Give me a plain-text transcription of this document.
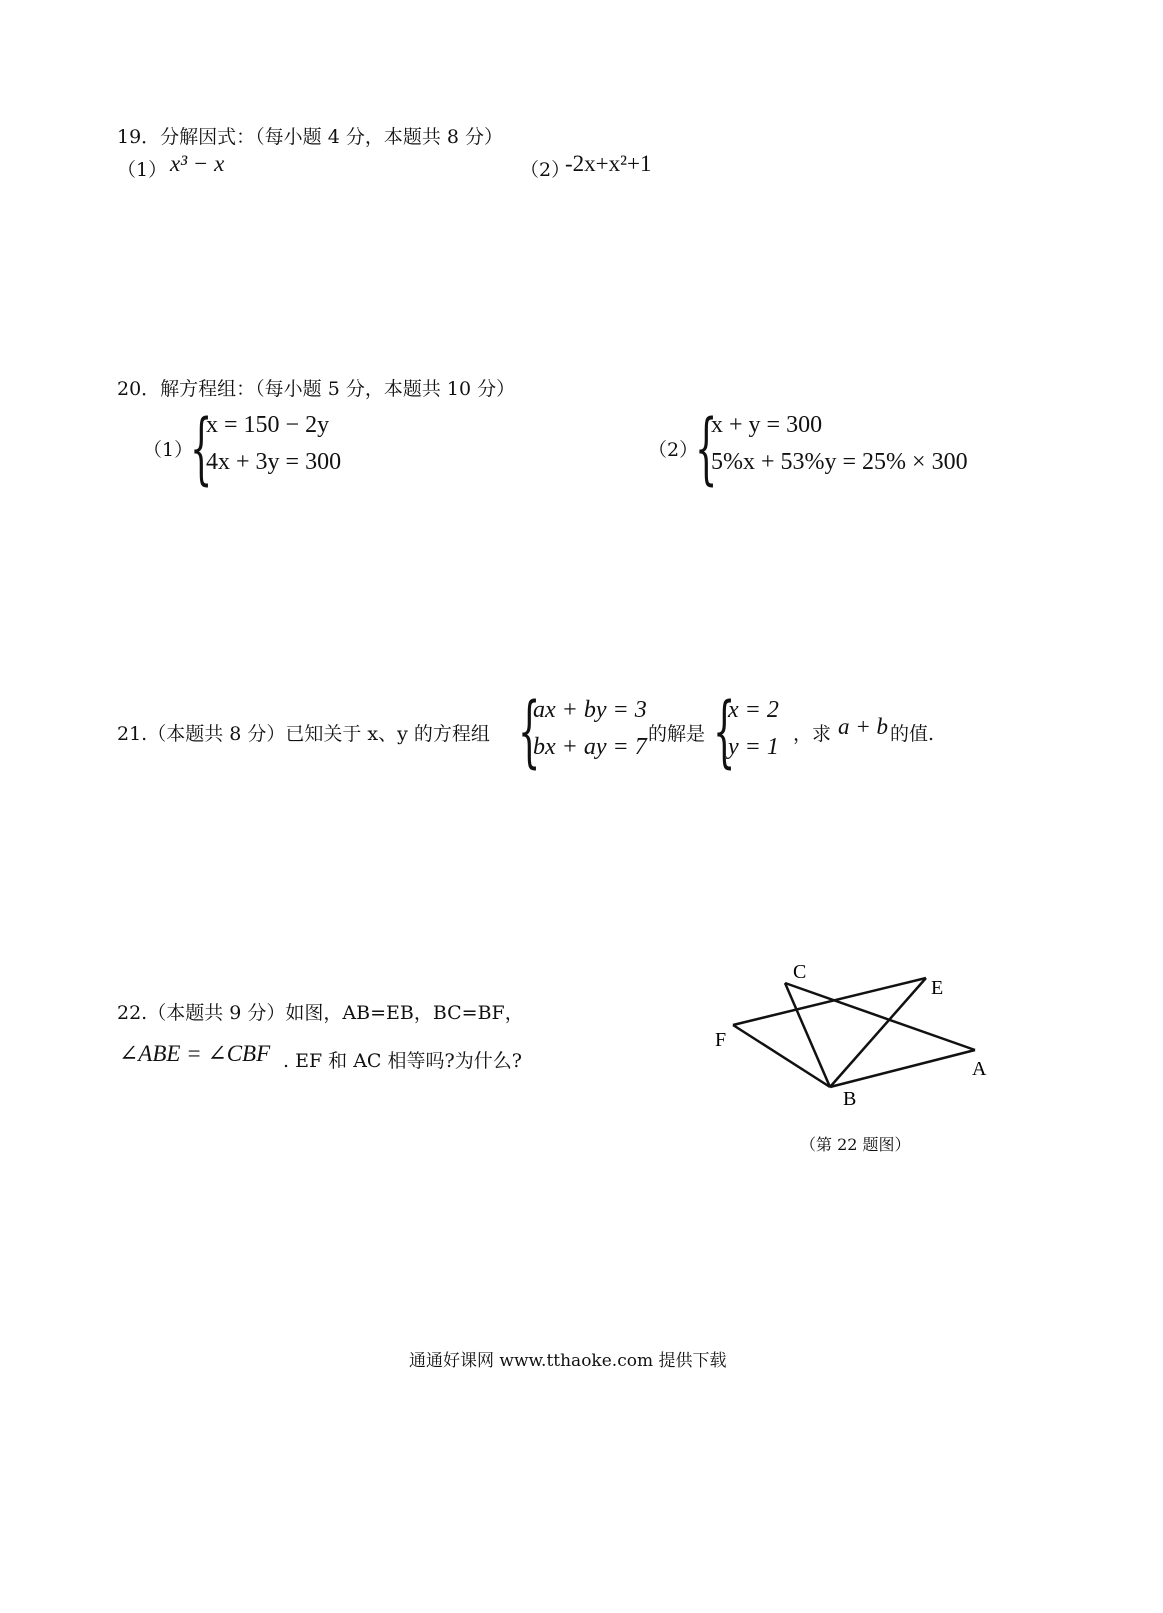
19．分解因式：（每小题 4 分，本题共 8 分）
（1） x³ − x	（2）
-2x+x²+1
20．解方程组：（每小题 5 分，本题共 10 分）
（1）
{
x = 150 − 2y
4x + 3y = 300	（2）
{
x + y = 300
5%x + 53%y = 25% × 300
21.（本题共 8 分）已知关于 x、y 的方程组 {
ax + by = 3
bx + ay = 7 的解是 {
x = 2
y = 1 ，求 a + b 的值.
22.（本题共 9 分）如图，AB=EB，BC=BF，
∠ABE = ∠CBF . EF 和 AC 相等吗?为什么?
C
E
F
A
B
（第 22 题图）
通通好课网 www.tthaoke.com 提供下载
